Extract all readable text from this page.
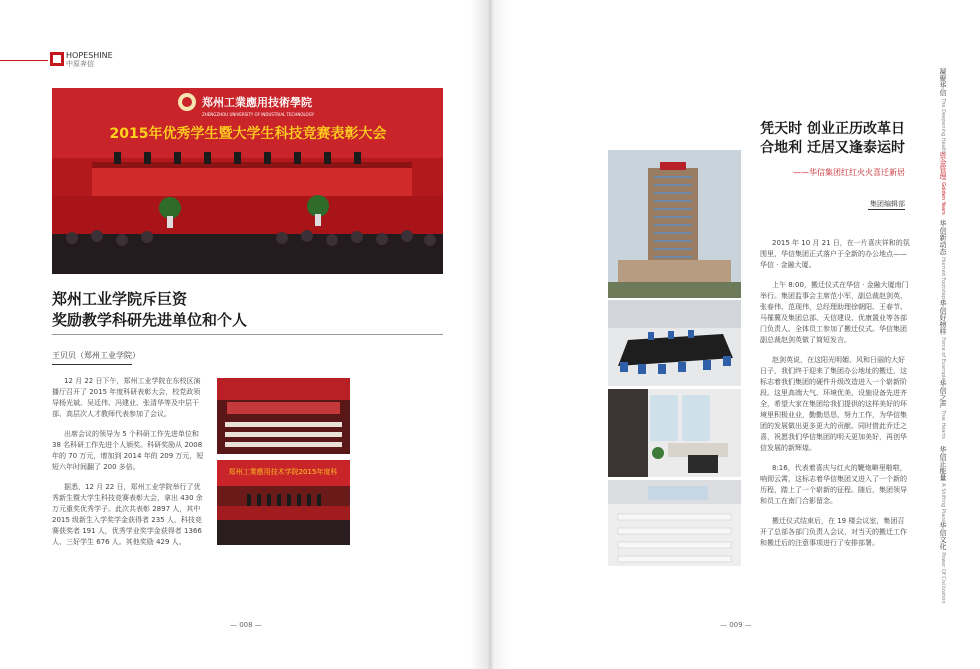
HOPESHINE
中原奔信
郑州工業應用技術學院
ZHENGZHOU UNIVERSITY OF INDUSTRIAL TECHNOLOGY
2015年优秀学生暨大学生科技竞赛表彰大会
郑州工业学院斥巨资
奖励教学科研先进单位和个人
王贝贝（郑州工业学院）

12 月 22 日下午，郑州工业学院在东校区演播厅召开了 2015 年度科研表彰大会，校党政领导杨光斌、吴廷伟、冯建业、张清华等及中层干部、高层次人才教师代表参加了会议。

出席会议的领导为 5 个科研工作先进单位和 38 名科研工作先进个人颁奖。科研奖励从 2008 年的 70 万元，增加到 2014 年的 209 万元，短短六年时间翻了 200 多倍。

据悉，12 月 22 日，郑州工业学院举行了优秀新生暨大学生科技竞赛表彰大会，拿出 430 余万元重奖优秀学子。此次共表彰 2897 人，其中 2015 级新生入学奖学金获得者 235 人，科技竞赛获奖者 191 人，优秀学业奖学金获得者 1366 人、三好学生 676 人。其他奖励 429 人。

郑州工業應用技术学院2015年度科
— 008 —	— 009 —
凭天时 创业正历改革日
合地利 迁居又逢泰运时
——华信集团红红火火喜迁新居
集团编辑部

2015 年 10 月 21 日，在一片喜庆祥和的氛围里，华信集团正式落户于全新的办公地点——华信 · 金融大厦。

上午 8:00，搬迁仪式在华信 · 金融大厦南门举行。集团监事会主席范小军，副总裁赵剑英、张春伟、范现伟，总经理助理徐朝阳、王春节、马罹冀及集团总部、天信建设、优康置业等各部门负责人、全体员工参加了搬迁仪式。华信集团副总裁赵剑英做了简短发言。

赵剑英说，在这阳光明媚、风和日丽的大好日子，我们终于迎来了集团办公地址的搬迁，这标志着我们集团的硬件升级改造进入一个崭新阶段。这里高端大气、环境优美、设施设备先进齐全，希望大家在集团给我们提供的这样美好的环境里积极业业，勤勤恳恳，努力工作，为华信集团的发展做出更多更大的贡献。同时借此乔迁之喜，祝愿我们华信集团的明天更加美好，再创华信发展的新辉煌。

8:16，代表着喜庆与红火的鞭炮噼里啪啦，响彻云霄，这标志着华信集团又进入了一个新的历程，踏上了一个崭新的征程。随后，集团领导和员工在南门合影留念。

搬迁仪式结束后，在 19 楼会议室，集团召开了总部各部门负责人会议，对当天的搬迁工作和搬迁后的注意事项进行了安排部署。

凝聚华信 The Deepening Health
资金管理 Golden Years
华信新动态 Hurried Footsteps
华信好榜样 Force of Example
华信之声 True Hearts
华信正能量 A Shifting Place
华信文化 Power Of Civilization
